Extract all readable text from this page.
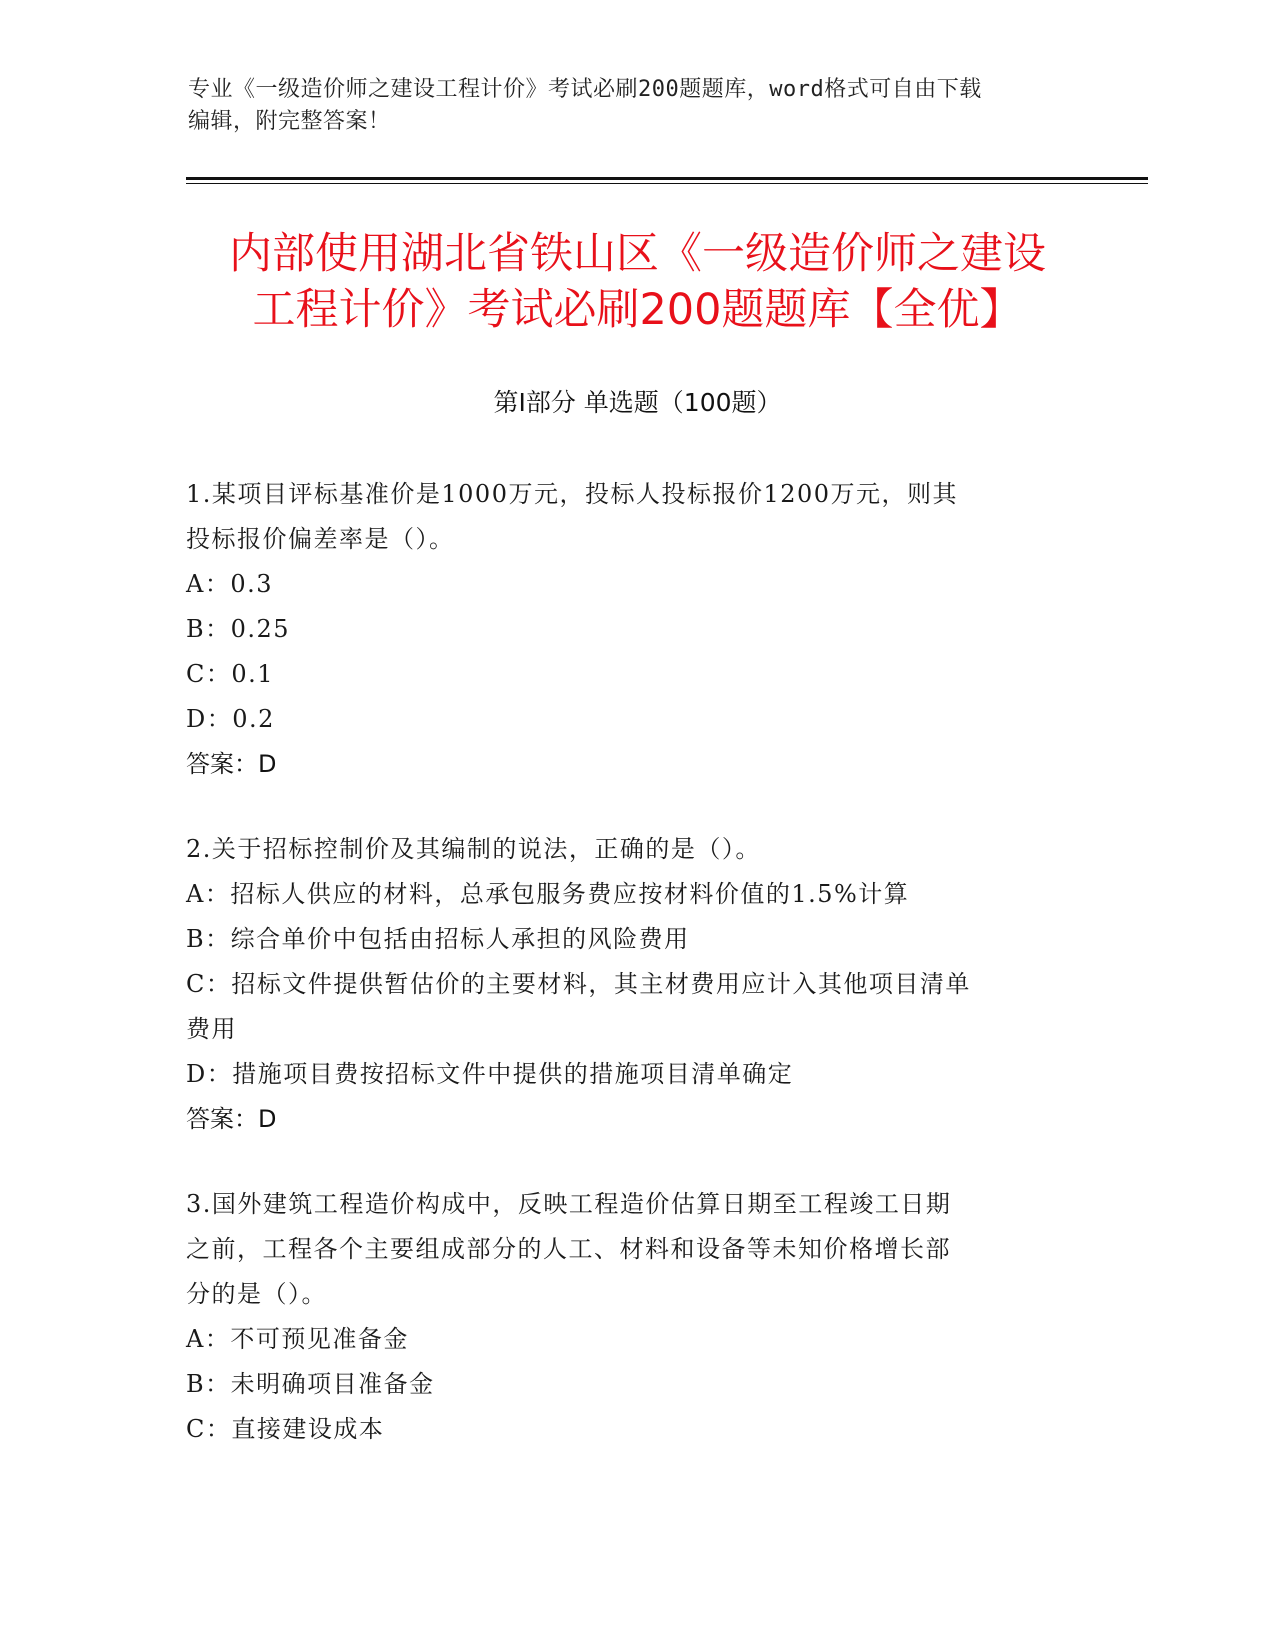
专业《一级造价师之建设工程计价》考试必刷200题题库，word格式可自由下载
编辑，附完整答案！
内部使用湖北省铁山区《一级造价师之建设
工程计价》考试必刷200题题库【全优】
第Ⅰ部分 单选题（100题）
1.某项目评标基准价是1000万元，投标人投标报价1200万元，则其
投标报价偏差率是（）。
A：0.3
B：0.25
C：0.1
D：0.2
答案：D
2.关于招标控制价及其编制的说法，正确的是（）。
A：招标人供应的材料，总承包服务费应按材料价值的1.5%计算
B：综合单价中包括由招标人承担的风险费用
C：招标文件提供暂估价的主要材料，其主材费用应计入其他项目清单
费用
D：措施项目费按招标文件中提供的措施项目清单确定
答案：D
3.国外建筑工程造价构成中，反映工程造价估算日期至工程竣工日期
之前，工程各个主要组成部分的人工、材料和设备等未知价格增长部
分的是（）。
A：不可预见准备金
B：未明确项目准备金
C：直接建设成本
